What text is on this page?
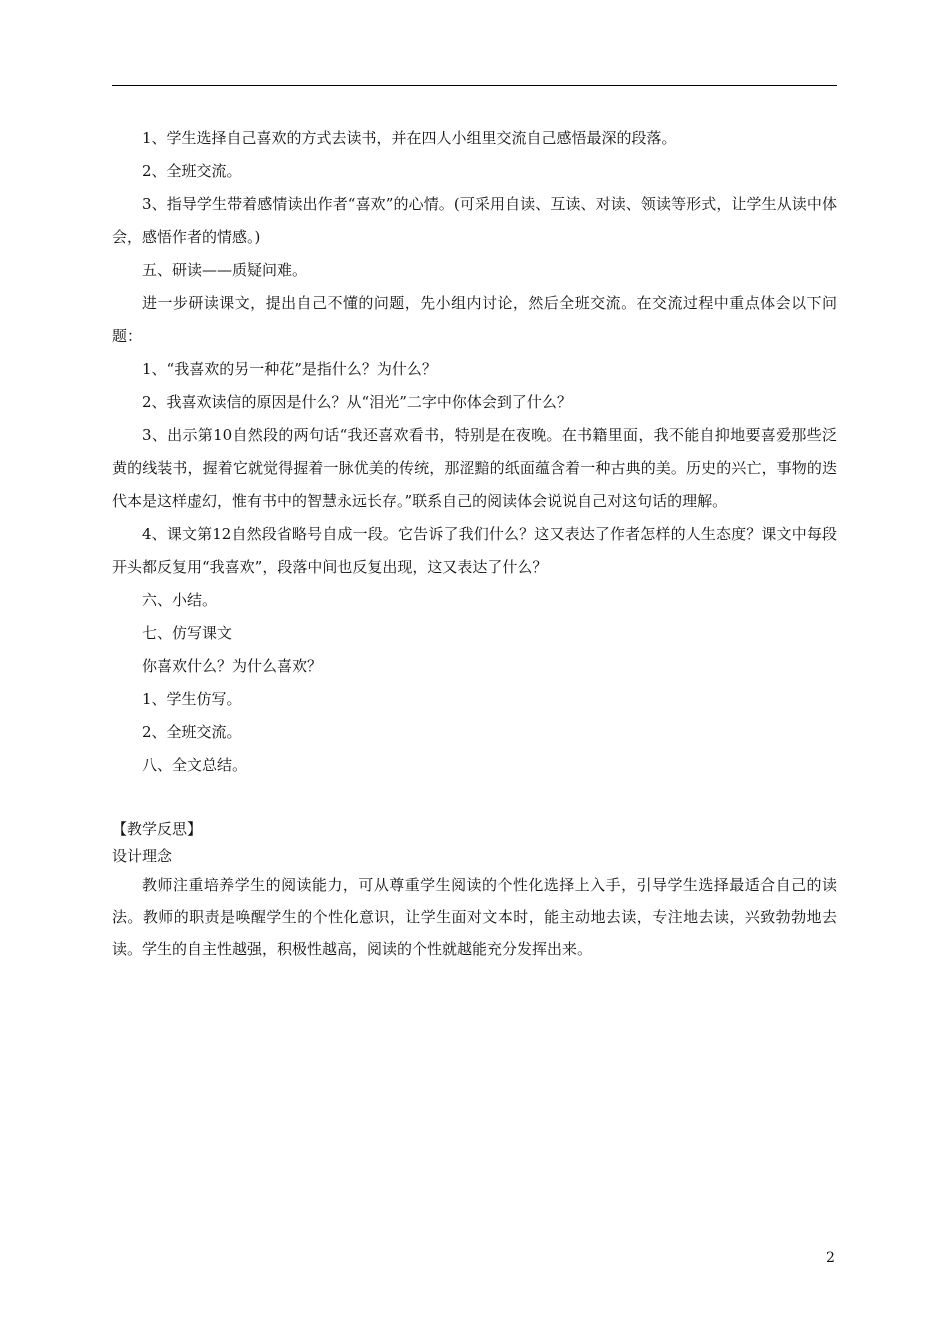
1、学生选择自己喜欢的方式去读书，并在四人小组里交流自己感悟最深的段落。

2、全班交流。

3、指导学生带着感情读出作者“喜欢”的心情。(可采用自读、互读、对读、领读等形式，让学生从读中体会，感悟作者的情感。)

五、研读——质疑问难。

进一步研读课文，提出自己不懂的问题，先小组内讨论，然后全班交流。在交流过程中重点体会以下问题：

1、“我喜欢的另一种花”是指什么？为什么？

2、我喜欢读信的原因是什么？从“泪光”二字中你体会到了什么？

3、出示第10自然段的两句话“我还喜欢看书，特别是在夜晚。在书籍里面，我不能自抑地要喜爱那些泛黄的线装书，握着它就觉得握着一脉优美的传统，那涩黯的纸面蕴含着一种古典的美。历史的兴亡，事物的迭代本是这样虚幻，惟有书中的智慧永远长存。”联系自己的阅读体会说说自己对这句话的理解。

4、课文第12自然段省略号自成一段。它告诉了我们什么？这又表达了作者怎样的人生态度？课文中每段开头都反复用“我喜欢”，段落中间也反复出现，这又表达了什么？

六、小结。

七、仿写课文

你喜欢什么？为什么喜欢？

1、学生仿写。

2、全班交流。

八、全文总结。

【教学反思】

设计理念

教师注重培养学生的阅读能力，可从尊重学生阅读的个性化选择上入手，引导学生选择最适合自己的读法。教师的职责是唤醒学生的个性化意识，让学生面对文本时，能主动地去读，专注地去读，兴致勃勃地去读。学生的自主性越强，积极性越高，阅读的个性就越能充分发挥出来。

2
